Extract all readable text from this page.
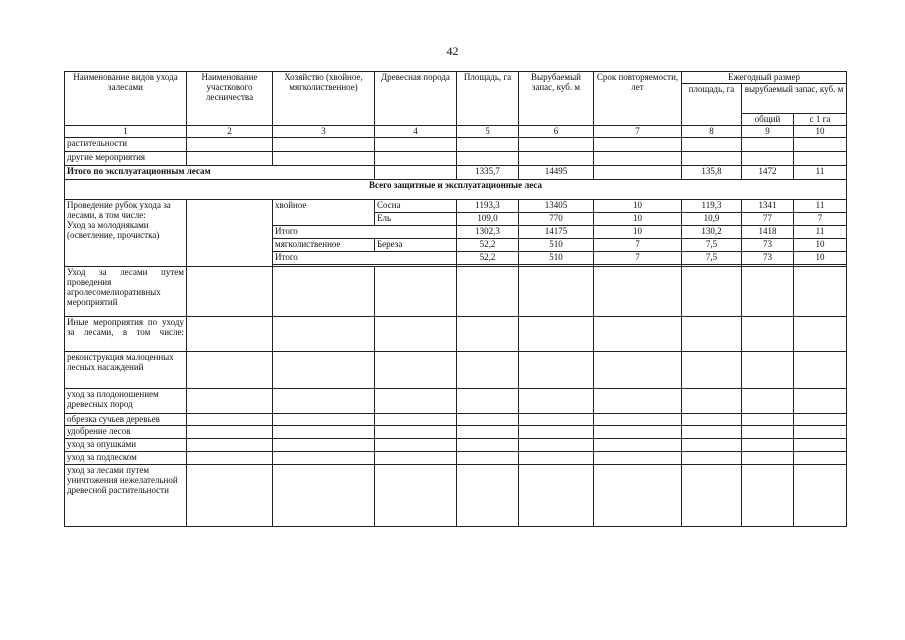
42
Наименование видов ухода залесами	Наименование участкового лесничества	Хозяйство (хвойное, мягколиственное)	Древесная порода	Площадь, га	Вырубаемый запас, куб. м	Срок повторяемости, лет	Ежегодный размер			
							площадь, га	вырубаемый запас, куб. м		
								общий	с 1 га	
1	2	3	4	5	6	7	8	9	10	
растительности										
другие мероприятия										
Итого по эксплуатационным лесам				1335,7	14495		135,8	1472	11	
Всего защитные и эксплуатационные леса										
Проведение рубок ухода за лесами, в том числе:
Уход за молодняками (осветление, прочистка)		хвойное	Сосна	1193,3	13405	10	119,3	1341	11	
			Ель	109,0	770	10	10,9	77	7	
		Итого		1302,3	14175	10	130,2	1418	11	
		мягколиственное	Береза	52,2	510	7	7,5	73	10	
		Итого		52,2	510	7	7,5	73	10	

Уход за лесами путем проведения агролесомелиоративных мероприятий										
Иные мероприятия по уходу за лесами, в том числе:										
реконструкция малоценных лесных насаждений										
уход за плодоношением древесных пород										
обрезка сучьев деревьев										
удобрение лесов										
уход за опушками										
уход за подлеском										
уход за лесами путем уничтожения нежелательной древесной растительности										
